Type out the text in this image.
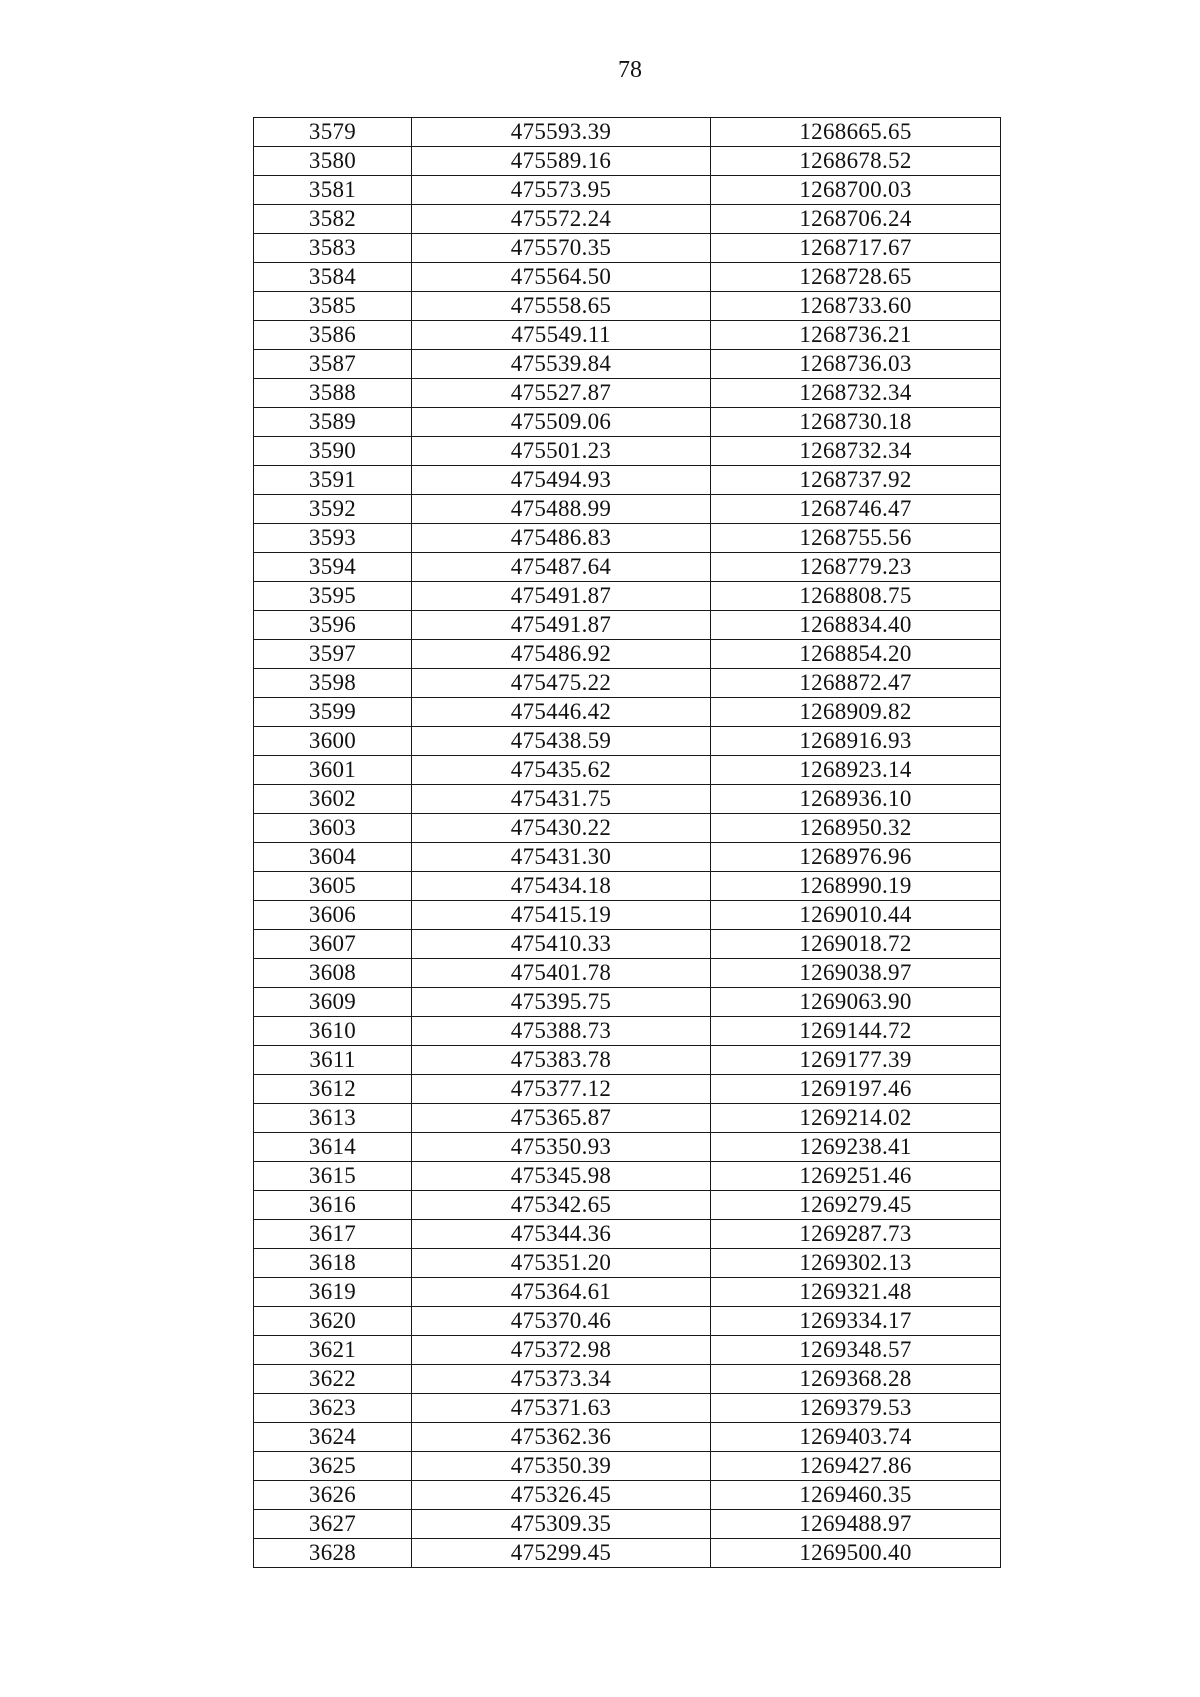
78
3579	475593.39	1268665.65
3580	475589.16	1268678.52
3581	475573.95	1268700.03
3582	475572.24	1268706.24
3583	475570.35	1268717.67
3584	475564.50	1268728.65
3585	475558.65	1268733.60
3586	475549.11	1268736.21
3587	475539.84	1268736.03
3588	475527.87	1268732.34
3589	475509.06	1268730.18
3590	475501.23	1268732.34
3591	475494.93	1268737.92
3592	475488.99	1268746.47
3593	475486.83	1268755.56
3594	475487.64	1268779.23
3595	475491.87	1268808.75
3596	475491.87	1268834.40
3597	475486.92	1268854.20
3598	475475.22	1268872.47
3599	475446.42	1268909.82
3600	475438.59	1268916.93
3601	475435.62	1268923.14
3602	475431.75	1268936.10
3603	475430.22	1268950.32
3604	475431.30	1268976.96
3605	475434.18	1268990.19
3606	475415.19	1269010.44
3607	475410.33	1269018.72
3608	475401.78	1269038.97
3609	475395.75	1269063.90
3610	475388.73	1269144.72
3611	475383.78	1269177.39
3612	475377.12	1269197.46
3613	475365.87	1269214.02
3614	475350.93	1269238.41
3615	475345.98	1269251.46
3616	475342.65	1269279.45
3617	475344.36	1269287.73
3618	475351.20	1269302.13
3619	475364.61	1269321.48
3620	475370.46	1269334.17
3621	475372.98	1269348.57
3622	475373.34	1269368.28
3623	475371.63	1269379.53
3624	475362.36	1269403.74
3625	475350.39	1269427.86
3626	475326.45	1269460.35
3627	475309.35	1269488.97
3628	475299.45	1269500.40
